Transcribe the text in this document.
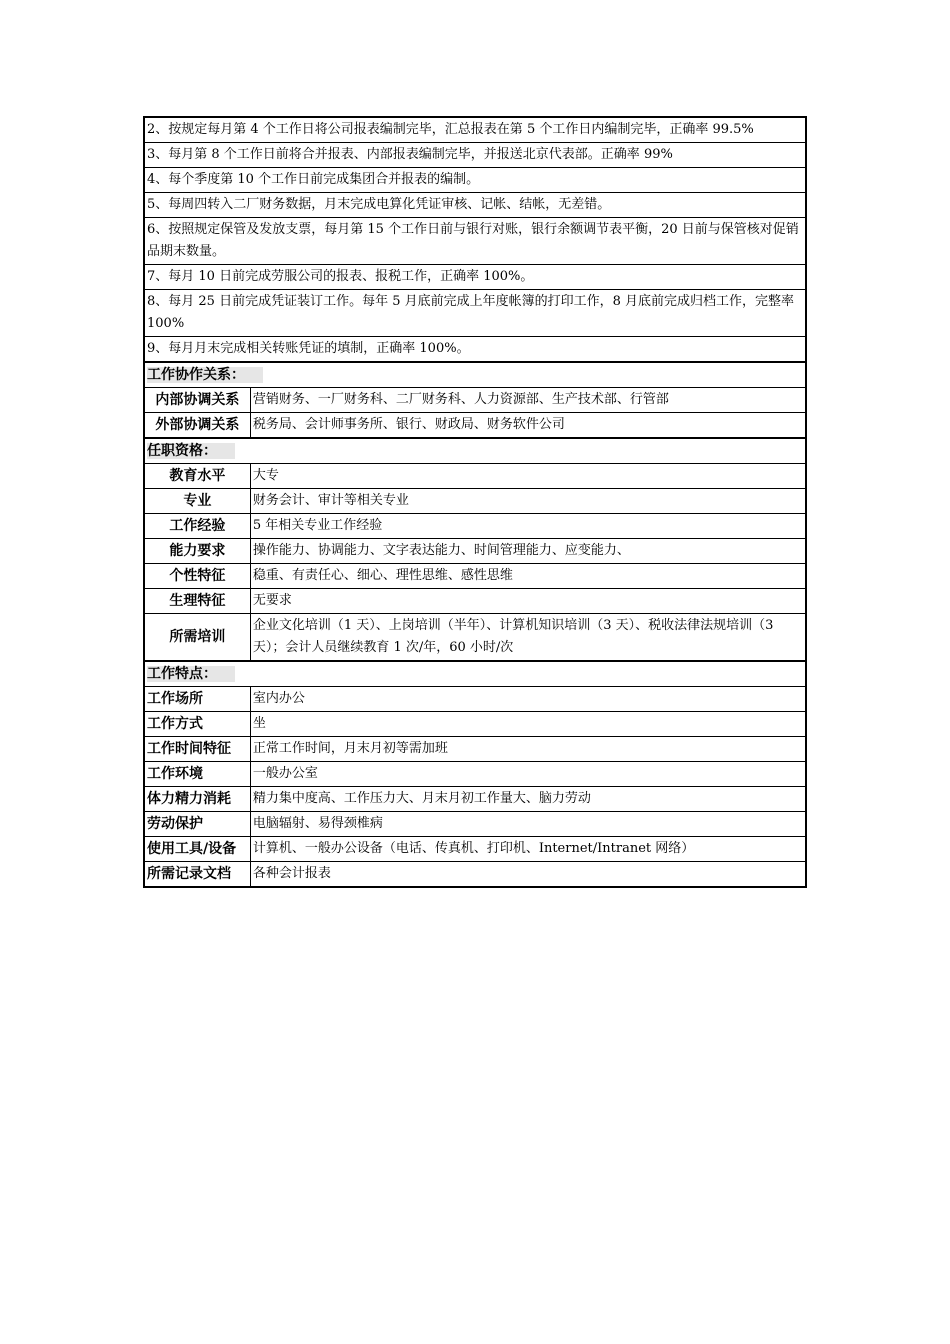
2、按规定每月第 4 个工作日将公司报表编制完毕，汇总报表在第 5 个工作日内编制完毕，正确率 99.5%	
3、每月第 8 个工作日前将合并报表、内部报表编制完毕，并报送北京代表部。正确率 99%	
4、每个季度第 10 个工作日前完成集团合并报表的编制。	
5、每周四转入二厂财务数据，月末完成电算化凭证审核、记帐、结帐，无差错。	
6、按照规定保管及发放支票，每月第 15 个工作日前与银行对账，银行余额调节表平衡，20 日前与保管核对促销品期末数量。	
7、每月 10 日前完成劳服公司的报表、报税工作，正确率 100%。	
8、每月 25 日前完成凭证装订工作。每年 5 月底前完成上年度帐簿的打印工作，8 月底前完成归档工作，完整率 100%	
9、每月月末完成相关转账凭证的填制，正确率 100%。	
工作协作关系：	
内部协调关系	营销财务、一厂财务科、二厂财务科、人力资源部、生产技术部、行管部
外部协调关系	税务局、会计师事务所、银行、财政局、财务软件公司
任职资格：	
教育水平	大专
专业	财务会计、审计等相关专业
工作经验	5 年相关专业工作经验
能力要求	操作能力、协调能力、文字表达能力、时间管理能力、应变能力、
个性特征	稳重、有责任心、细心、理性思维、感性思维
生理特征	无要求
所需培训	企业文化培训（1 天）、上岗培训（半年）、计算机知识培训（3 天）、税收法律法规培训（3 天）；会计人员继续教育 1 次/年，60 小时/次
工作特点：	
工作场所	室内办公
工作方式	坐
工作时间特征	正常工作时间，月末月初等需加班
工作环境	一般办公室
体力精力消耗	精力集中度高、工作压力大、月末月初工作量大、脑力劳动
劳动保护	电脑辐射、易得颈椎病
使用工具/设备	计算机、一般办公设备（电话、传真机、打印机、Internet/Intranet 网络）
所需记录文档	各种会计报表
